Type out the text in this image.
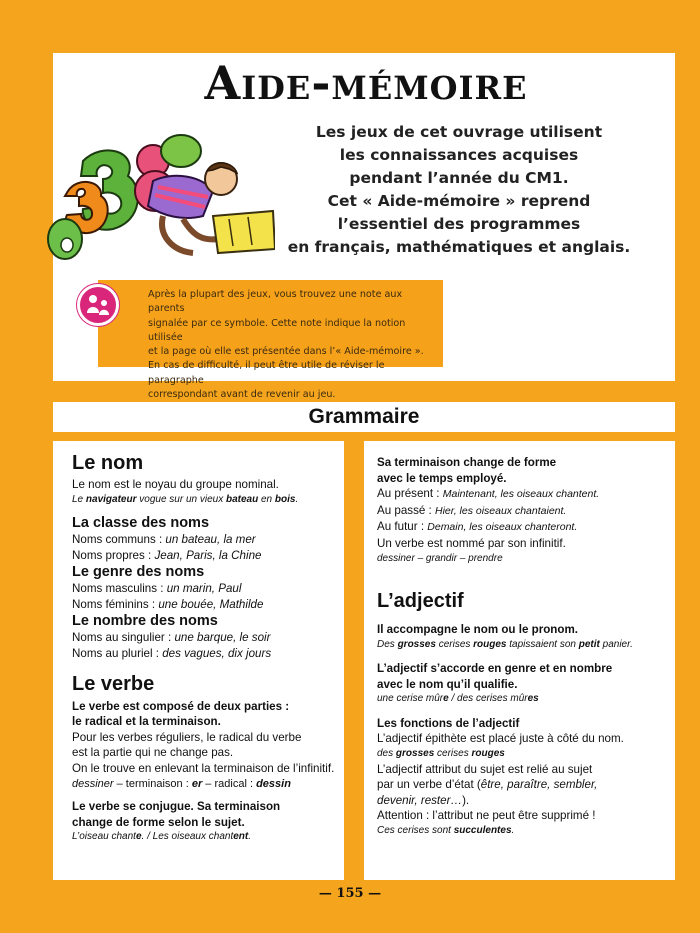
Aide-mémoire
Les jeux de cet ouvrage utilisent
les connaissances acquises
pendant l’année du CM1.
Cet « Aide-mémoire » reprend
l’essentiel des programmes
en français, mathématiques et anglais.
Après la plupart des jeux, vous trouvez une note aux parents
signalée par ce symbole. Cette note indique la notion utilisée
et la page où elle est présentée dans l’« Aide-mémoire ».
En cas de difficulté, il peut être utile de réviser le paragraphe
correspondant avant de revenir au jeu.
Grammaire
Le nom
Le nom est le noyau du groupe nominal.
Le navigateur vogue sur un vieux bateau en bois.
La classe des noms
Noms communs : un bateau, la mer
Noms propres : Jean, Paris, la Chine
Le genre des noms
Noms masculins : un marin, Paul
Noms féminins : une bouée, Mathilde
Le nombre des noms
Noms au singulier : une barque, le soir
Noms au pluriel : des vagues, dix jours
Le verbe
Le verbe est composé de deux parties :
le radical et la terminaison.
Pour les verbes réguliers, le radical du verbe
est la partie qui ne change pas.
On le trouve en enlevant la terminaison de l’infinitif.
dessiner – terminaison : er – radical : dessin
Le verbe se conjugue. Sa terminaison
change de forme selon le sujet.
L’oiseau chante. / Les oiseaux chantent.
Sa terminaison change de forme
avec le temps employé.
Au présent : Maintenant, les oiseaux chantent.
Au passé : Hier, les oiseaux chantaient.
Au futur : Demain, les oiseaux chanteront.
Un verbe est nommé par son infinitif.
dessiner – grandir – prendre
L’adjectif
Il accompagne le nom ou le pronom.
Des grosses cerises rouges tapissaient son petit panier.
L’adjectif s’accorde en genre et en nombre
avec le nom qu’il qualifie.
une cerise mûre / des cerises mûres
Les fonctions de l’adjectif
L’adjectif épithète est placé juste à côté du nom.
des grosses cerises rouges
L’adjectif attribut du sujet est relié au sujet
par un verbe d’état (être, paraître, sembler,
devenir, rester…).
Attention : l’attribut ne peut être supprimé !
Ces cerises sont succulentes.
— 155 —
